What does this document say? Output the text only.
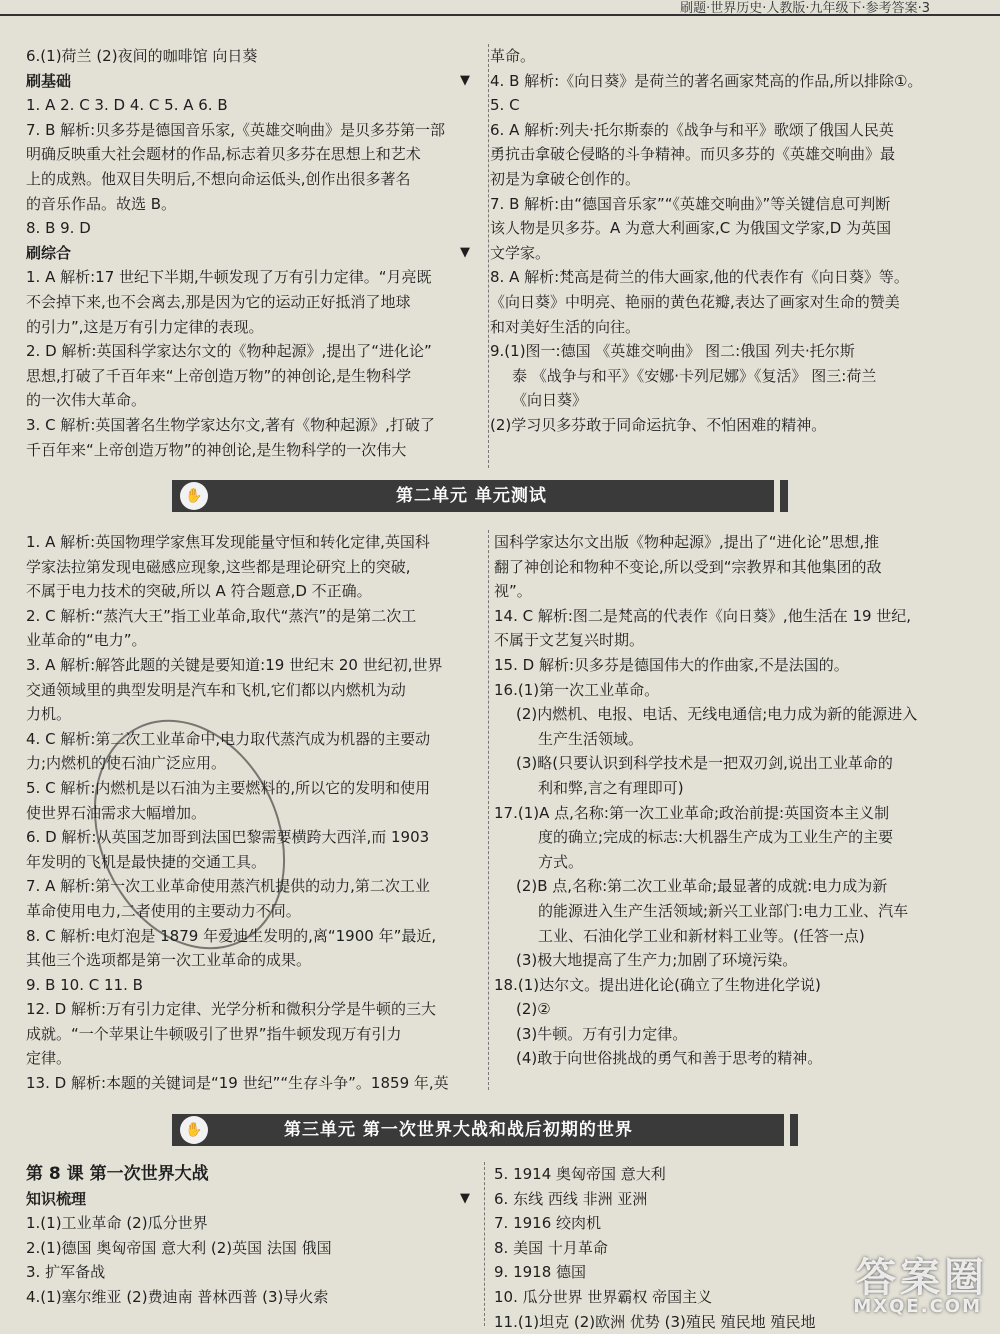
刷题·世界历史·人教版·九年级下·参考答案·3

6.(1)荷兰 (2)夜间的咖啡馆 向日葵

刷基础	▼

1. A 2. C 3. D 4. C 5. A 6. B

7. B 解析:贝多芬是德国音乐家,《英雄交响曲》是贝多芬第一部

明确反映重大社会题材的作品,标志着贝多芬在思想上和艺术

上的成熟。他双目失明后,不想向命运低头,创作出很多著名

的音乐作品。故选 B。

8. B 9. D

刷综合	▼

1. A 解析:17 世纪下半期,牛顿发现了万有引力定律。“月亮既

不会掉下来,也不会离去,那是因为它的运动正好抵消了地球

的引力”,这是万有引力定律的表现。

2. D 解析:英国科学家达尔文的《物种起源》,提出了“进化论”

思想,打破了千百年来“上帝创造万物”的神创论,是生物科学

的一次伟大革命。

3. C 解析:英国著名生物学家达尔文,著有《物种起源》,打破了

千百年来“上帝创造万物”的神创论,是生物科学的一次伟大

革命。

4. B 解析:《向日葵》是荷兰的著名画家梵高的作品,所以排除①。

5. C

6. A 解析:列夫·托尔斯泰的《战争与和平》歌颂了俄国人民英

勇抗击拿破仑侵略的斗争精神。而贝多芬的《英雄交响曲》最

初是为拿破仑创作的。

7. B 解析:由“德国音乐家”“《英雄交响曲》”等关键信息可判断

该人物是贝多芬。A 为意大利画家,C 为俄国文学家,D 为英国

文学家。

8. A 解析:梵高是荷兰的伟大画家,他的代表作有《向日葵》等。

《向日葵》中明亮、艳丽的黄色花瓣,表达了画家对生命的赞美

和对美好生活的向往。

9.(1)图一:德国 《英雄交响曲》 图二:俄国 列夫·托尔斯

泰 《战争与和平》《安娜·卡列尼娜》《复活》 图三:荷兰

《向日葵》

(2)学习贝多芬敢于同命运抗争、不怕困难的精神。

✋	第二单元 单元测试

1. A 解析:英国物理学家焦耳发现能量守恒和转化定律,英国科

学家法拉第发现电磁感应现象,这些都是理论研究上的突破,

不属于电力技术的突破,所以 A 符合题意,D 不正确。

2. C 解析:“蒸汽大王”指工业革命,取代“蒸汽”的是第二次工

业革命的“电力”。

3. A 解析:解答此题的关键是要知道:19 世纪末 20 世纪初,世界

交通领域里的典型发明是汽车和飞机,它们都以内燃机为动

力机。

4. C 解析:第二次工业革命中,电力取代蒸汽成为机器的主要动

力;内燃机的使石油广泛应用。

5. C 解析:内燃机是以石油为主要燃料的,所以它的发明和使用

使世界石油需求大幅增加。

6. D 解析:从英国芝加哥到法国巴黎需要横跨大西洋,而 1903

年发明的飞机是最快捷的交通工具。

7. A 解析:第一次工业革命使用蒸汽机提供的动力,第二次工业

革命使用电力,二者使用的主要动力不同。

8. C 解析:电灯泡是 1879 年爱迪生发明的,离“1900 年”最近,

其他三个选项都是第一次工业革命的成果。

9. B 10. C 11. B

12. D 解析:万有引力定律、光学分析和微积分学是牛顿的三大

成就。“一个苹果让牛顿吸引了世界”指牛顿发现万有引力

定律。

13. D 解析:本题的关键词是“19 世纪”“生存斗争”。1859 年,英

国科学家达尔文出版《物种起源》,提出了“进化论”思想,推

翻了神创论和物种不变论,所以受到“宗教界和其他集团的敌

视”。

14. C 解析:图二是梵高的代表作《向日葵》,他生活在 19 世纪,

不属于文艺复兴时期。

15. D 解析:贝多芬是德国伟大的作曲家,不是法国的。

16.(1)第一次工业革命。

(2)内燃机、电报、电话、无线电通信;电力成为新的能源进入

生产生活领域。

(3)略(只要认识到科学技术是一把双刃剑,说出工业革命的

利和弊,言之有理即可)

17.(1)A 点,名称:第一次工业革命;政治前提:英国资本主义制

度的确立;完成的标志:大机器生产成为工业生产的主要

方式。

(2)B 点,名称:第二次工业革命;最显著的成就:电力成为新

的能源进入生产生活领域;新兴工业部门:电力工业、汽车

工业、石油化学工业和新材料工业等。(任答一点)

(3)极大地提高了生产力;加剧了环境污染。

18.(1)达尔文。提出进化论(确立了生物进化学说)

(2)②

(3)牛顿。万有引力定律。

(4)敢于向世俗挑战的勇气和善于思考的精神。

✋	第三单元 第一次世界大战和战后初期的世界

第 8 课 第一次世界大战

知识梳理	▼

1.(1)工业革命 (2)瓜分世界

2.(1)德国 奥匈帝国 意大利 (2)英国 法国 俄国

3. 扩军备战

4.(1)塞尔维亚 (2)费迪南 普林西普 (3)导火索

5. 1914 奥匈帝国 意大利

6. 东线 西线 非洲 亚洲

7. 1916 绞肉机

8. 美国 十月革命

9. 1918 德国

10. 瓜分世界 世界霸权 帝国主义

11.(1)坦克 (2)欧洲 优势 (3)殖民 殖民地 殖民地

答案圈
MXQE.COM
